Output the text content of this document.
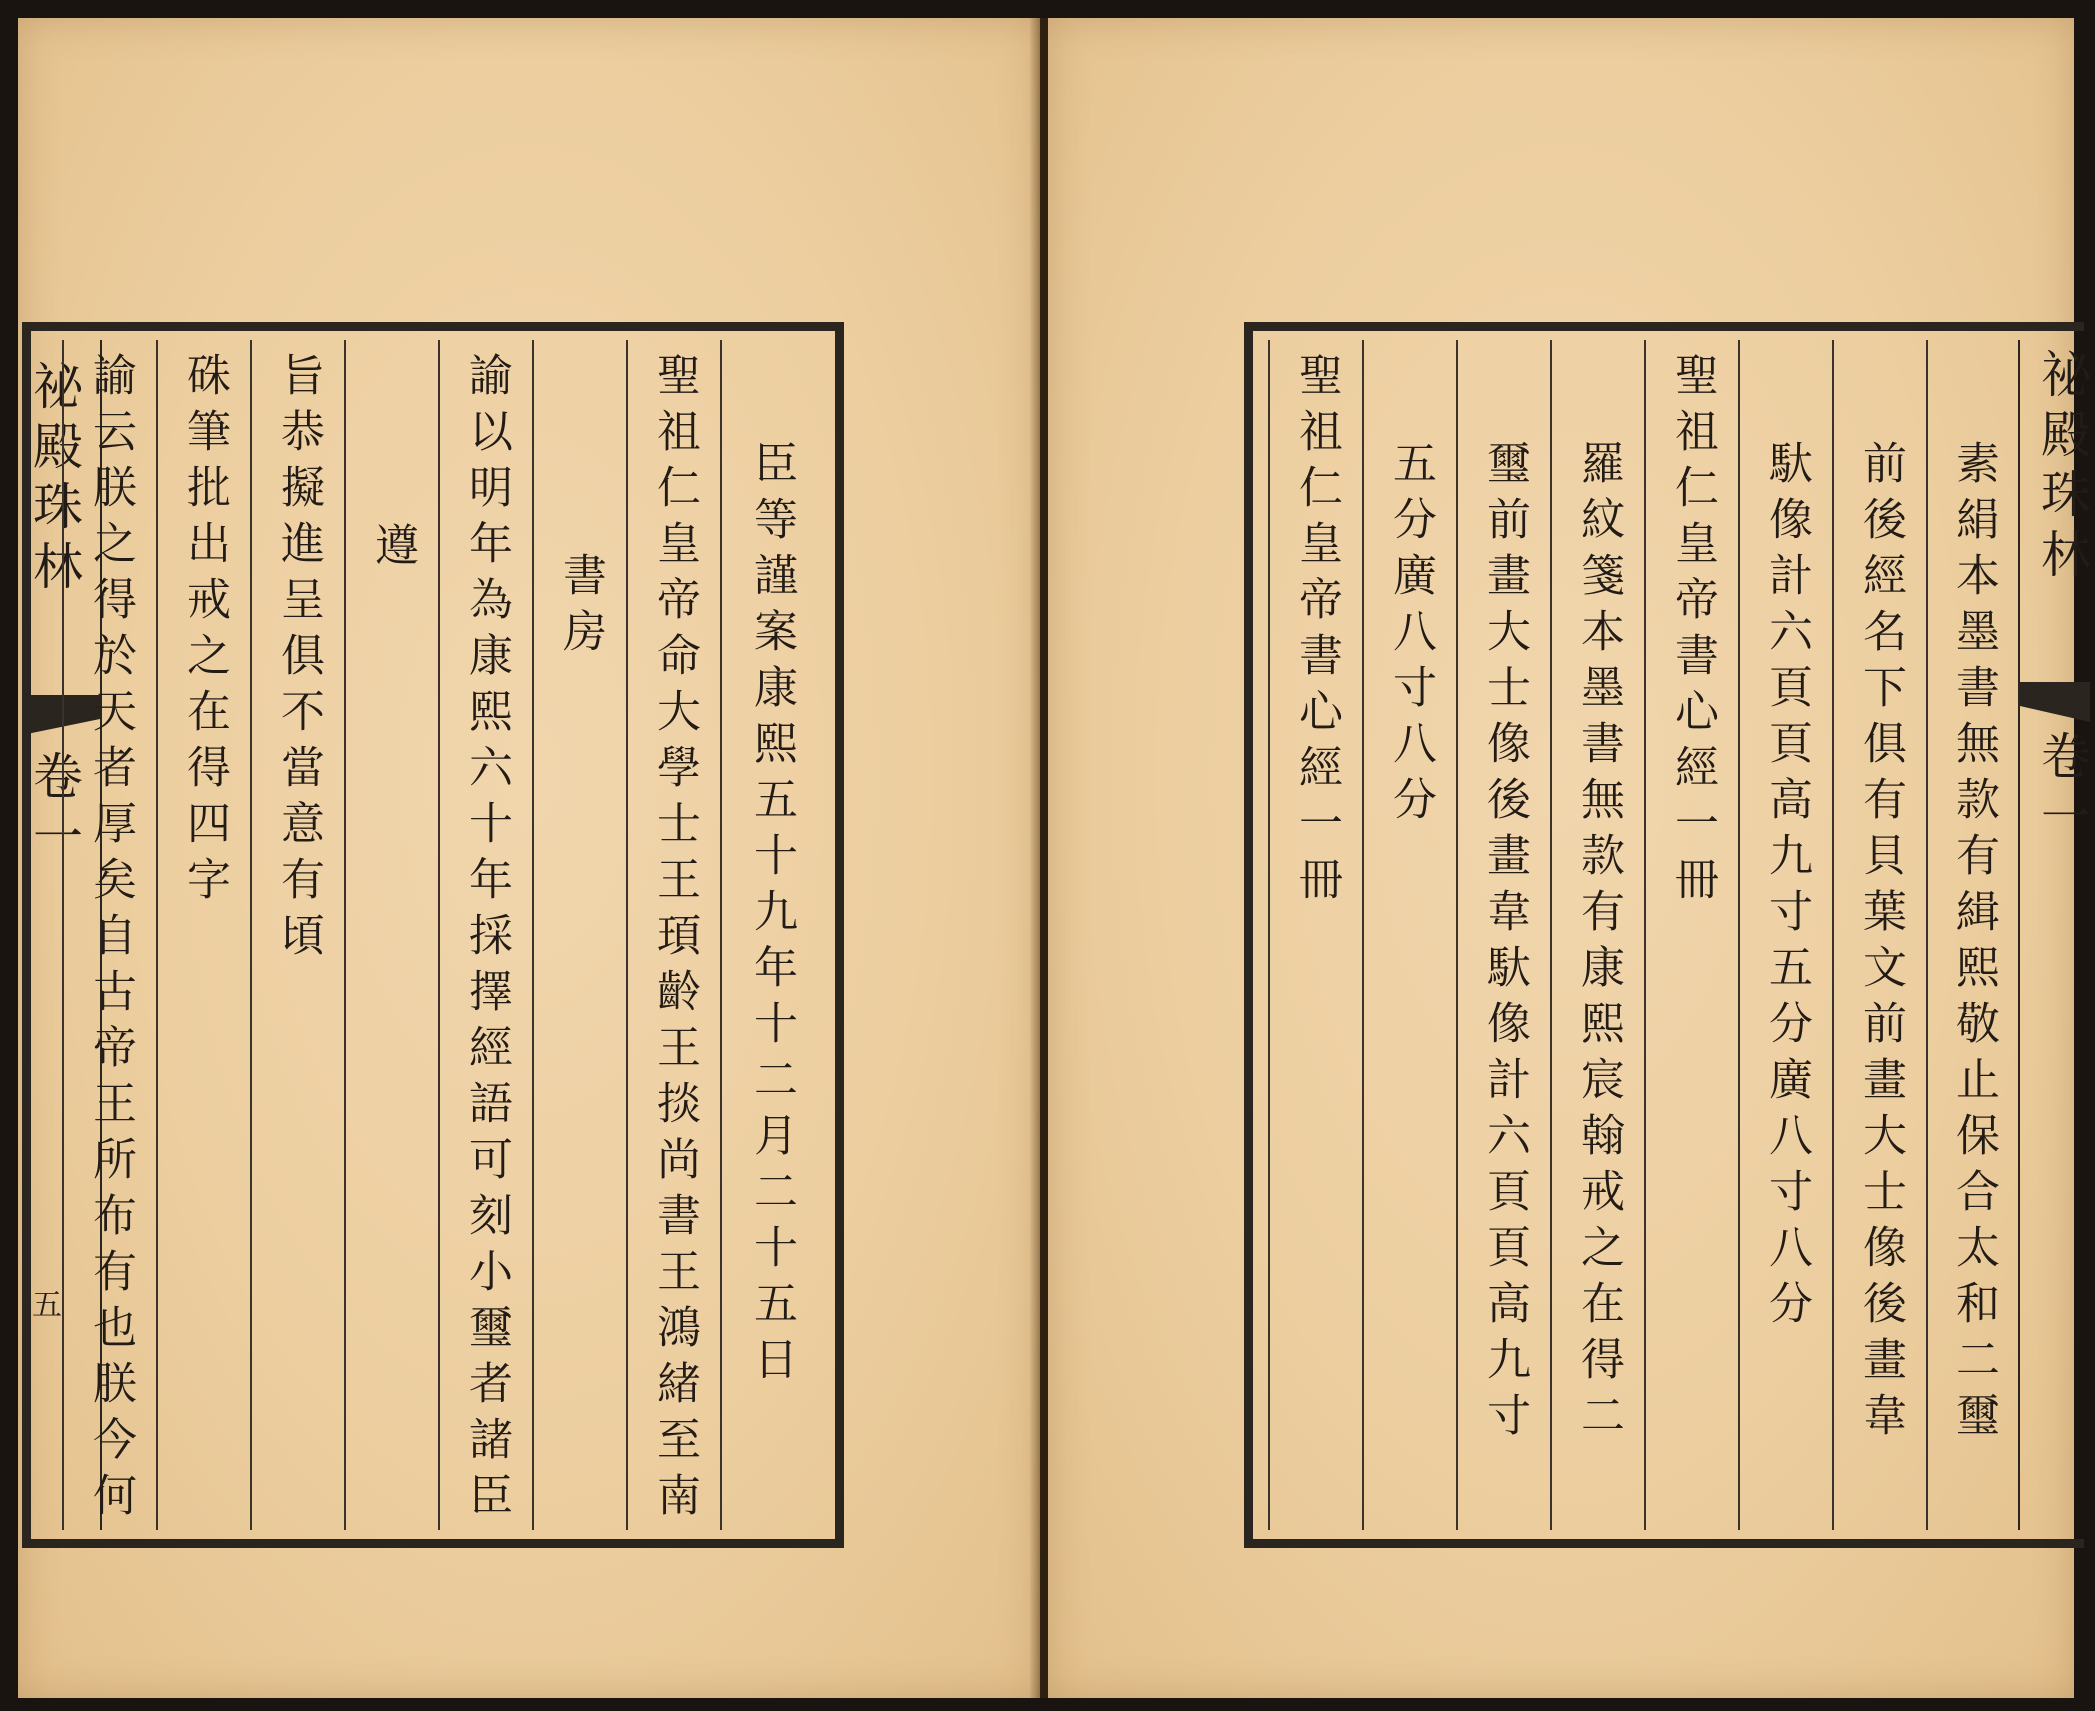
祕殿珠林
卷一
五	臣等謹案康熙五十九年十二月二十五日
聖祖仁皇帝命大學士王頊齡王掞尚書王鴻緒至南
書房
諭以明年為康熙六十年採擇經語可刻小璽者諸臣
遵
旨恭擬進呈俱不當意有頃
硃筆批出戒之在得四字
諭云朕之得於天者厚矣自古帝王所布有也朕今何	祕殿珠林
卷一
素絹本墨書無款有緝熙敬止保合太和二璽
前後經名下俱有貝葉文前畫大士像後畫韋
馱像計六頁頁高九寸五分廣八寸八分
聖祖仁皇帝書心經一冊
羅紋箋本墨書無款有康熙宸翰戒之在得二
璽前畫大士像後畫韋馱像計六頁頁高九寸
五分廣八寸八分
聖祖仁皇帝書心經一冊
